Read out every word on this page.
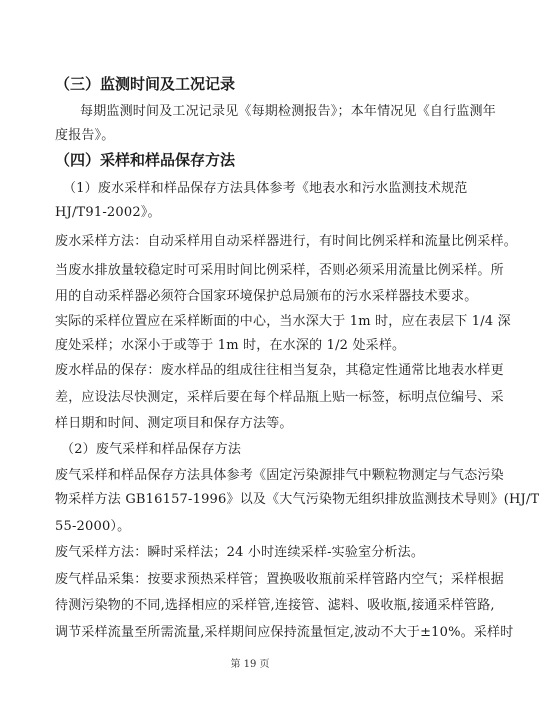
（三）监测时间及工况记录
每期监测时间及工况记录见《每期检测报告》；本年情况见《自行监测年
度报告》。
（四）采样和样品保存方法
（1）废水采样和样品保存方法具体参考《地表水和污水监测技术规范
HJ/T91-2002》。
废水采样方法：自动采样用自动采样器进行，有时间比例采样和流量比例采样。
当废水排放量较稳定时可采用时间比例采样，否则必须采用流量比例采样。所
用的自动采样器必须符合国家环境保护总局颁布的污水采样器技术要求。
实际的采样位置应在采样断面的中心，当水深大于 1m 时，应在表层下 1/4 深
度处采样；水深小于或等于 1m 时，在水深的 1/2 处采样。
废水样品的保存：废水样品的组成往往相当复杂，其稳定性通常比地表水样更
差，应设法尽快测定，采样后要在每个样品瓶上贴一标签，标明点位编号、采
样日期和时间、测定项目和保存方法等。
（2）废气采样和样品保存方法
废气采样和样品保存方法具体参考《固定污染源排气中颗粒物测定与气态污染
物采样方法 GB16157-1996》以及《大气污染物无组织排放监测技术导则》(HJ/T
55-2000）。
废气采样方法：瞬时采样法；24 小时连续采样-实验室分析法。
废气样品采集：按要求预热采样管；置换吸收瓶前采样管路内空气；采样根据
待测污染物的不同,选择相应的采样管,连接管、滤料、吸收瓶,接通采样管路,
调节采样流量至所需流量,采样期间应保持流量恒定,波动不大于±10%。采样时
第 19 页
